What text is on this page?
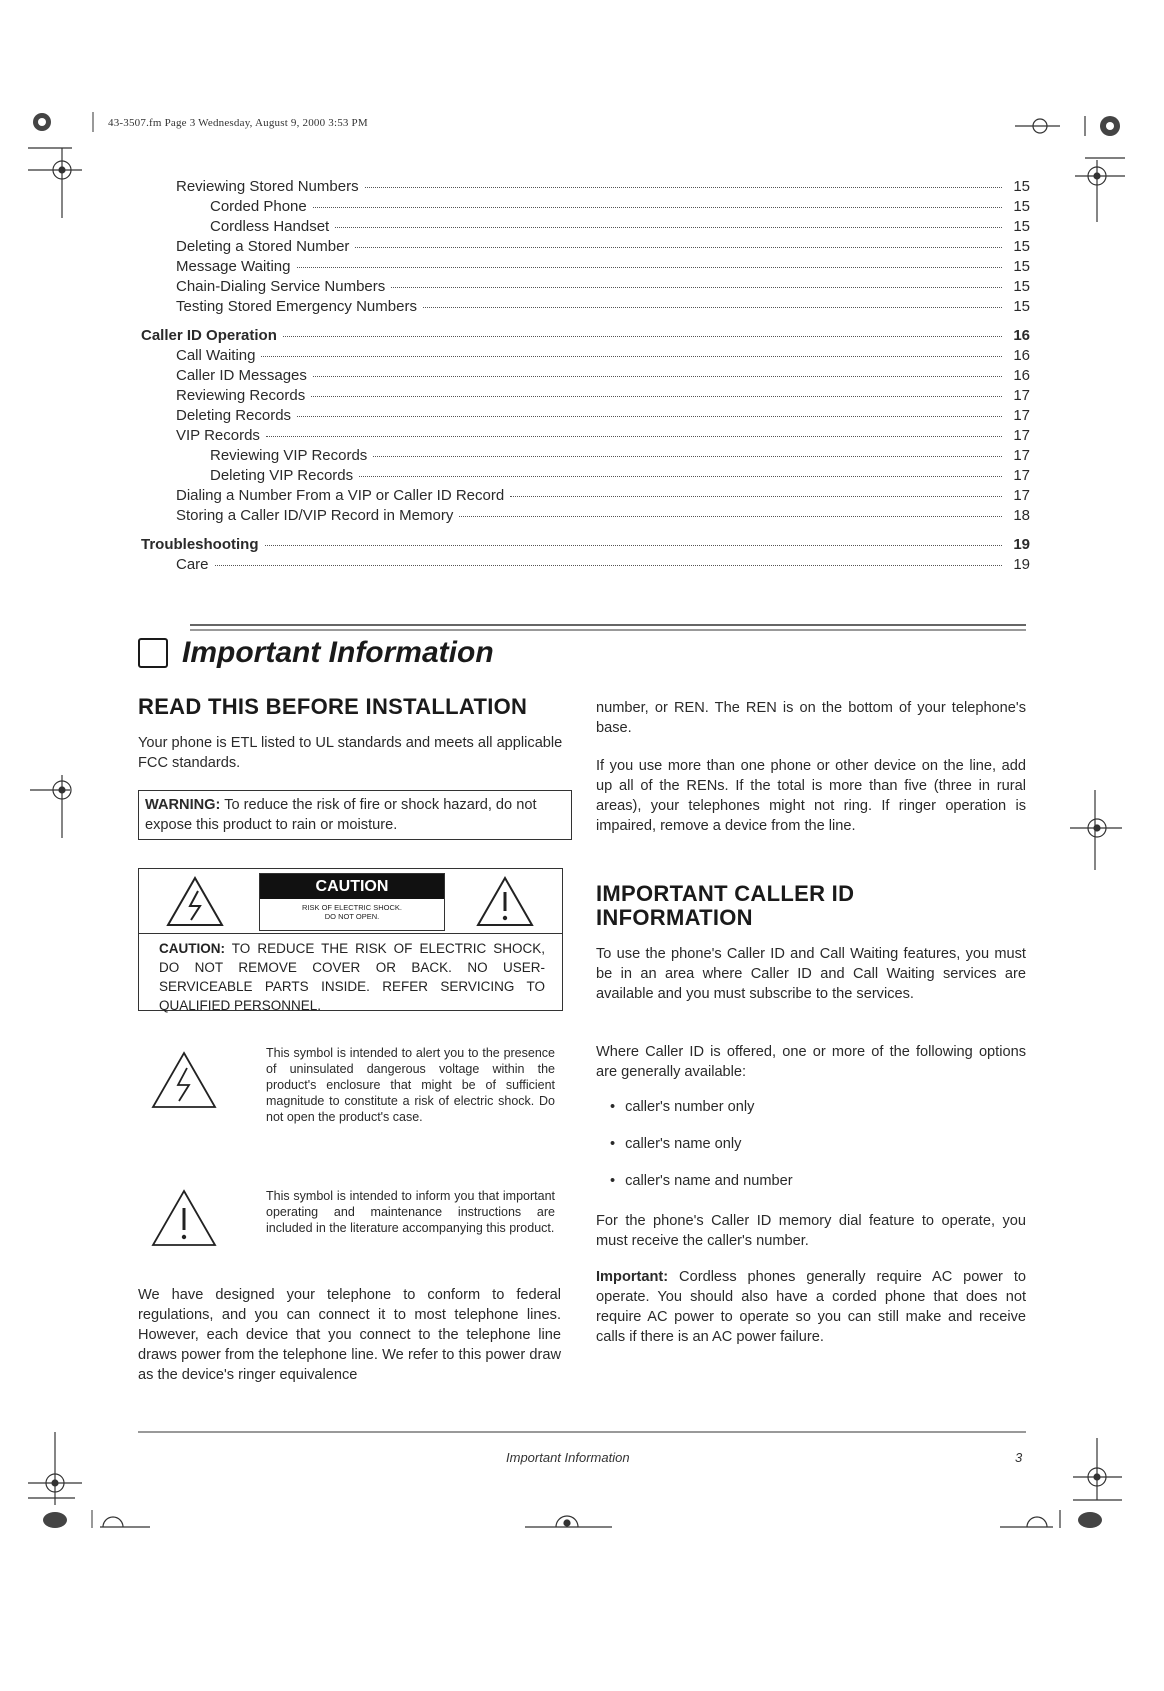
43-3507.fm Page 3 Wednesday, August 9, 2000 3:53 PM
Reviewing Stored Numbers	15
Corded Phone	15
Cordless Handset	15
Deleting a Stored Number	15
Message Waiting	15
Chain-Dialing Service Numbers	15
Testing Stored Emergency Numbers	15
Caller ID Operation	16
Call Waiting	16
Caller ID Messages	16
Reviewing Records	17
Deleting Records	17
VIP Records	17
Reviewing VIP Records	17
Deleting VIP Records	17
Dialing a Number From a VIP or Caller ID Record	17
Storing a Caller ID/VIP Record in Memory	18
Troubleshooting	19
Care	19
Important Information
READ THIS BEFORE INSTALLATION
Your phone is ETL listed to UL standards and meets all applicable FCC standards.
WARNING: To reduce the risk of fire or shock hazard, do not expose this product to rain or moisture.
CAUTION
RISK OF ELECTRIC SHOCK.
DO NOT OPEN.
CAUTION: TO REDUCE THE RISK OF ELECTRIC SHOCK, DO NOT REMOVE COVER OR BACK. NO USER-SERVICEABLE PARTS INSIDE. REFER SERVICING TO QUALIFIED PERSONNEL.
This symbol is intended to alert you to the presence of uninsulated dangerous voltage within the product's enclosure that might be of sufficient magnitude to constitute a risk of electric shock. Do not open the product's case.
This symbol is intended to inform you that important operating and maintenance instructions are included in the literature accompanying this product.
We have designed your telephone to conform to federal regulations, and you can connect it to most telephone lines. However, each device that you connect to the telephone line draws power from the telephone line. We refer to this power draw as the device's ringer equivalence
number, or REN. The REN is on the bottom of your telephone's base.
If you use more than one phone or other device on the line, add up all of the RENs. If the total is more than five (three in rural areas), your telephones might not ring. If ringer operation is impaired, remove a device from the line.
IMPORTANT CALLER ID
INFORMATION
To use the phone's Caller ID and Call Waiting features, you must be in an area where Caller ID and Call Waiting services are available and you must subscribe to the services.
Where Caller ID is offered, one or more of the following options are generally available:
• caller's number only
• caller's name only
• caller's name and number
For the phone's Caller ID memory dial feature to operate, you must receive the caller's number.
Important: Cordless phones generally require AC power to operate. You should also have a corded phone that does not require AC power to operate so you can still make and receive calls if there is an AC power failure.
Important Information	3
